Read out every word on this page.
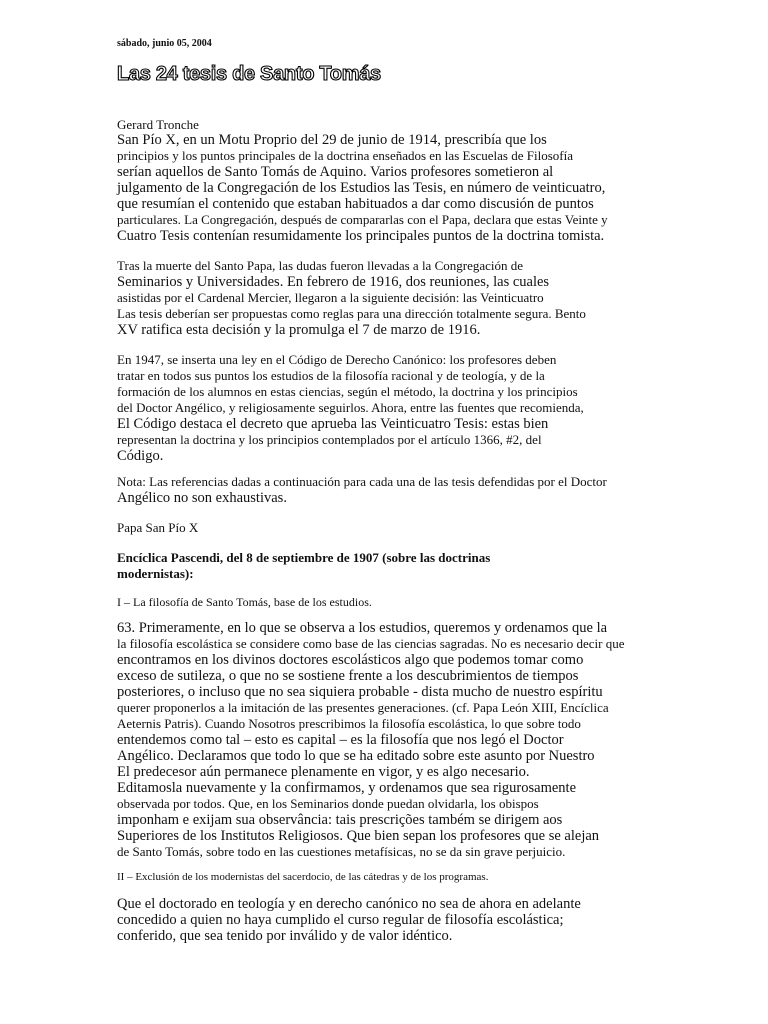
sábado, junio 05, 2004
Las 24 tesis de Santo Tomás
Gerard Tronche
San Pío X, en un Motu Proprio del 29 de junio de 1914, prescribía que los
principios y los puntos principales de la doctrina enseñados en las Escuelas de Filosofía
serían aquellos de Santo Tomás de Aquino. Varios profesores sometieron al
julgamento de la Congregación de los Estudios las Tesis, en número de veinticuatro,
que resumían el contenido que estaban habituados a dar como discusión de puntos
particulares. La Congregación, después de compararlas con el Papa, declara que estas Veinte y
Cuatro Tesis contenían resumidamente los principales puntos de la doctrina tomista.
Tras la muerte del Santo Papa, las dudas fueron llevadas a la Congregación de
Seminarios y Universidades. En febrero de 1916, dos reuniones, las cuales
asistidas por el Cardenal Mercier, llegaron a la siguiente decisión: las Veinticuatro
Las tesis deberían ser propuestas como reglas para una dirección totalmente segura. Bento
XV ratifica esta decisión y la promulga el 7 de marzo de 1916.
En 1947, se inserta una ley en el Código de Derecho Canónico: los profesores deben
tratar en todos sus puntos los estudios de la filosofía racional y de teología, y de la
formación de los alumnos en estas ciencias, según el método, la doctrina y los principios
del Doctor Angélico, y religiosamente seguirlos. Ahora, entre las fuentes que recomienda,
El Código destaca el decreto que aprueba las Veinticuatro Tesis: estas bien
representan la doctrina y los principios contemplados por el artículo 1366, #2, del
Código.
Nota: Las referencias dadas a continuación para cada una de las tesis defendidas por el Doctor
Angélico no son exhaustivas.
Papa San Pío X
Encíclica Pascendi, del 8 de septiembre de 1907 (sobre las doctrinas
modernistas):
I – La filosofía de Santo Tomás, base de los estudios.
63. Primeramente, en lo que se observa a los estudios, queremos y ordenamos que la
la filosofía escolástica se considere como base de las ciencias sagradas. No es necesario decir que
encontramos en los divinos doctores escolásticos algo que podemos tomar como
exceso de sutileza, o que no se sostiene frente a los descubrimientos de tiempos
posteriores, o incluso que no sea siquiera probable - dista mucho de nuestro espíritu
querer proponerlos a la imitación de las presentes generaciones. (cf. Papa León XIII, Encíclica
Aeternis Patris). Cuando Nosotros prescribimos la filosofía escolástica, lo que sobre todo
entendemos como tal – esto es capital – es la filosofía que nos legó el Doctor
Angélico. Declaramos que todo lo que se ha editado sobre este asunto por Nuestro
El predecesor aún permanece plenamente en vigor, y es algo necesario.
Editamosla nuevamente y la confirmamos, y ordenamos que sea rigurosamente
observada por todos. Que, en los Seminarios donde puedan olvidarla, los obispos
imponham e exijam sua observância: tais prescrições também se dirigem aos
Superiores de los Institutos Religiosos. Que bien sepan los profesores que se alejan
de Santo Tomás, sobre todo en las cuestiones metafísicas, no se da sin grave perjuicio.
II – Exclusión de los modernistas del sacerdocio, de las cátedras y de los programas.
Que el doctorado en teología y en derecho canónico no sea de ahora en adelante
concedido a quien no haya cumplido el curso regular de filosofía escolástica;
conferido, que sea tenido por inválido y de valor idéntico.
